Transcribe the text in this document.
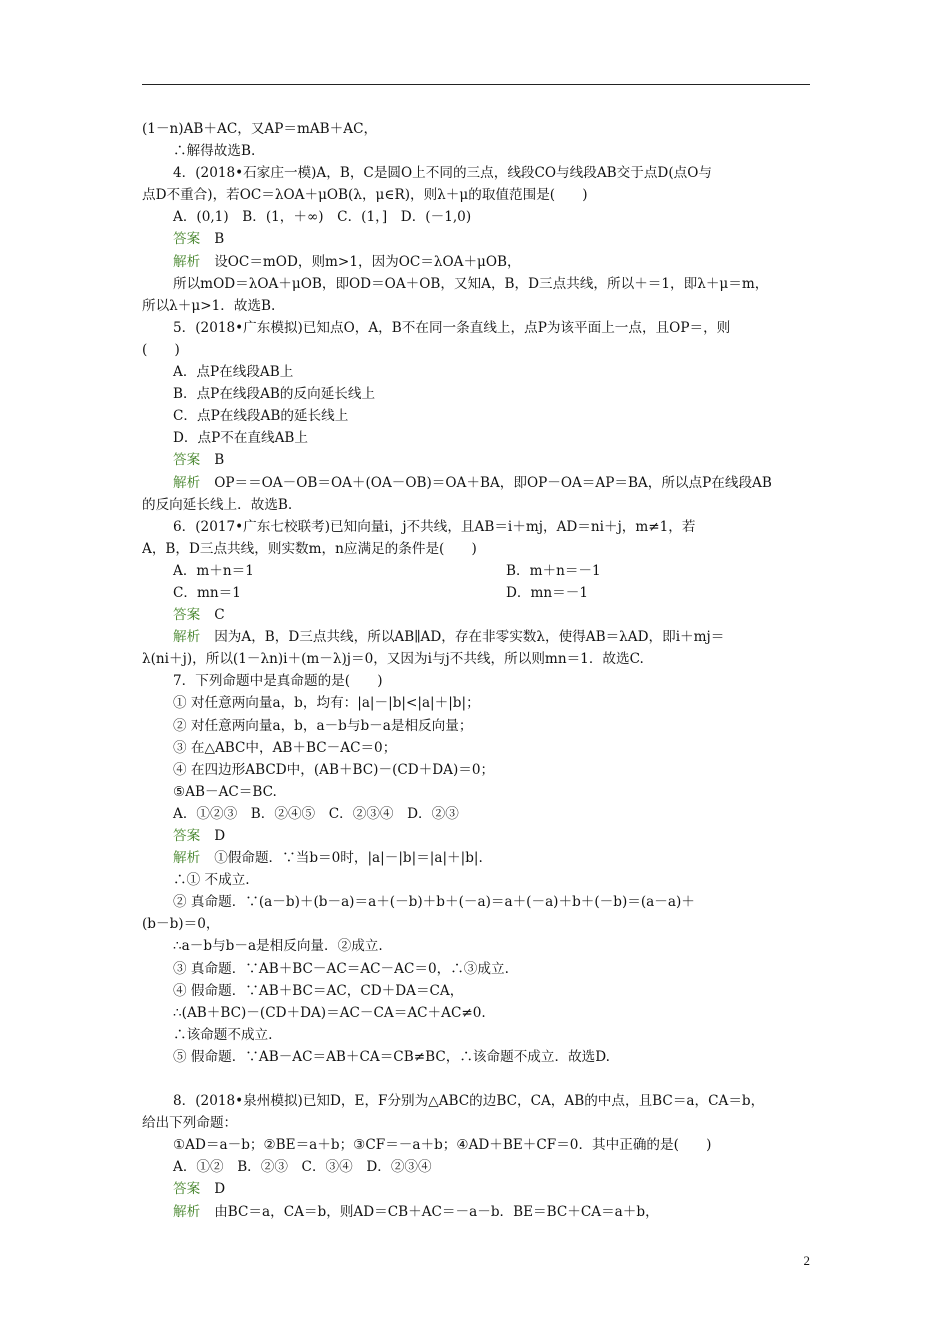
(1－n)AB＋AC，又AP＝mAB＋AC，
∴解得故选B.
4．(2018•石家庄一模)A，B，C是圆O上不同的三点，线段CO与线段AB交于点D(点O与
点D不重合)，若OC＝λOA＋μOB(λ，μ∈R)，则λ＋μ的取值范围是(　　)
A．(0,1)　B．(1，＋∞)　C．(1，]　D．(－1,0)
答案 B
解析 设OC＝mOD，则m>1，因为OC＝λOA＋μOB，
所以mOD＝λOA＋μOB，即OD＝OA＋OB，又知A，B，D三点共线，所以＋＝1，即λ＋μ＝m，
所以λ＋μ>1．故选B.
5．(2018•广东模拟)已知点O，A，B不在同一条直线上，点P为该平面上一点，且OP＝，则
(　　)
A．点P在线段AB上
B．点P在线段AB的反向延长线上
C．点P在线段AB的延长线上
D．点P不在直线AB上
答案 B
解析 OP＝＝OA－OB＝OA＋(OA－OB)＝OA＋BA，即OP－OA＝AP＝BA，所以点P在线段AB
的反向延长线上．故选B.
6．(2017•广东七校联考)已知向量i，j不共线，且AB＝i＋mj，AD＝ni＋j，m≠1，若
A，B，D三点共线，则实数m，n应满足的条件是(　　)
A．m＋n＝1	B．m＋n＝－1
C．mn＝1	D．mn＝－1
答案 C
解析 因为A，B，D三点共线，所以AB∥AD，存在非零实数λ，使得AB＝λAD，即i＋mj＝
λ(ni＋j)，所以(1－λn)i＋(m－λ)j＝0，又因为i与j不共线，所以则mn＝1．故选C.
7．下列命题中是真命题的是(　　)
① 对任意两向量a，b，均有：|a|－|b|<|a|＋|b|；
② 对任意两向量a，b，a－b与b－a是相反向量；
③ 在△ABC中，AB＋BC－AC＝0；
④ 在四边形ABCD中，(AB＋BC)－(CD＋DA)＝0；
⑤AB－AC＝BC.
A．①②③　B．②④⑤　C．②③④　D．②③
答案 D
解析 ①假命题．∵当b＝0时，|a|－|b|＝|a|＋|b|.
∴① 不成立.
② 真命题．∵(a－b)＋(b－a)＝a＋(－b)＋b＋(－a)＝a＋(－a)＋b＋(－b)＝(a－a)＋
(b－b)＝0，
∴a－b与b－a是相反向量．②成立.
③ 真命题．∵AB＋BC－AC＝AC－AC＝0，∴③成立.
④ 假命题．∵AB＋BC＝AC，CD＋DA＝CA，
∴(AB＋BC)－(CD＋DA)＝AC－CA＝AC＋AC≠0.
∴该命题不成立.
⑤ 假命题．∵AB－AC＝AB＋CA＝CB≠BC，∴该命题不成立．故选D.
8．(2018•泉州模拟)已知D，E，F分别为△ABC的边BC，CA，AB的中点，且BC＝a，CA＝b，
给出下列命题：
①AD＝a－b；②BE＝a＋b；③CF＝－a＋b；④AD＋BE＋CF＝0．其中正确的是(　　)
A．①②　B．②③　C．③④　D．②③④
答案 D
解析 由BC＝a，CA＝b，则AD＝CB＋AC＝－a－b．BE＝BC＋CA＝a＋b，
2
